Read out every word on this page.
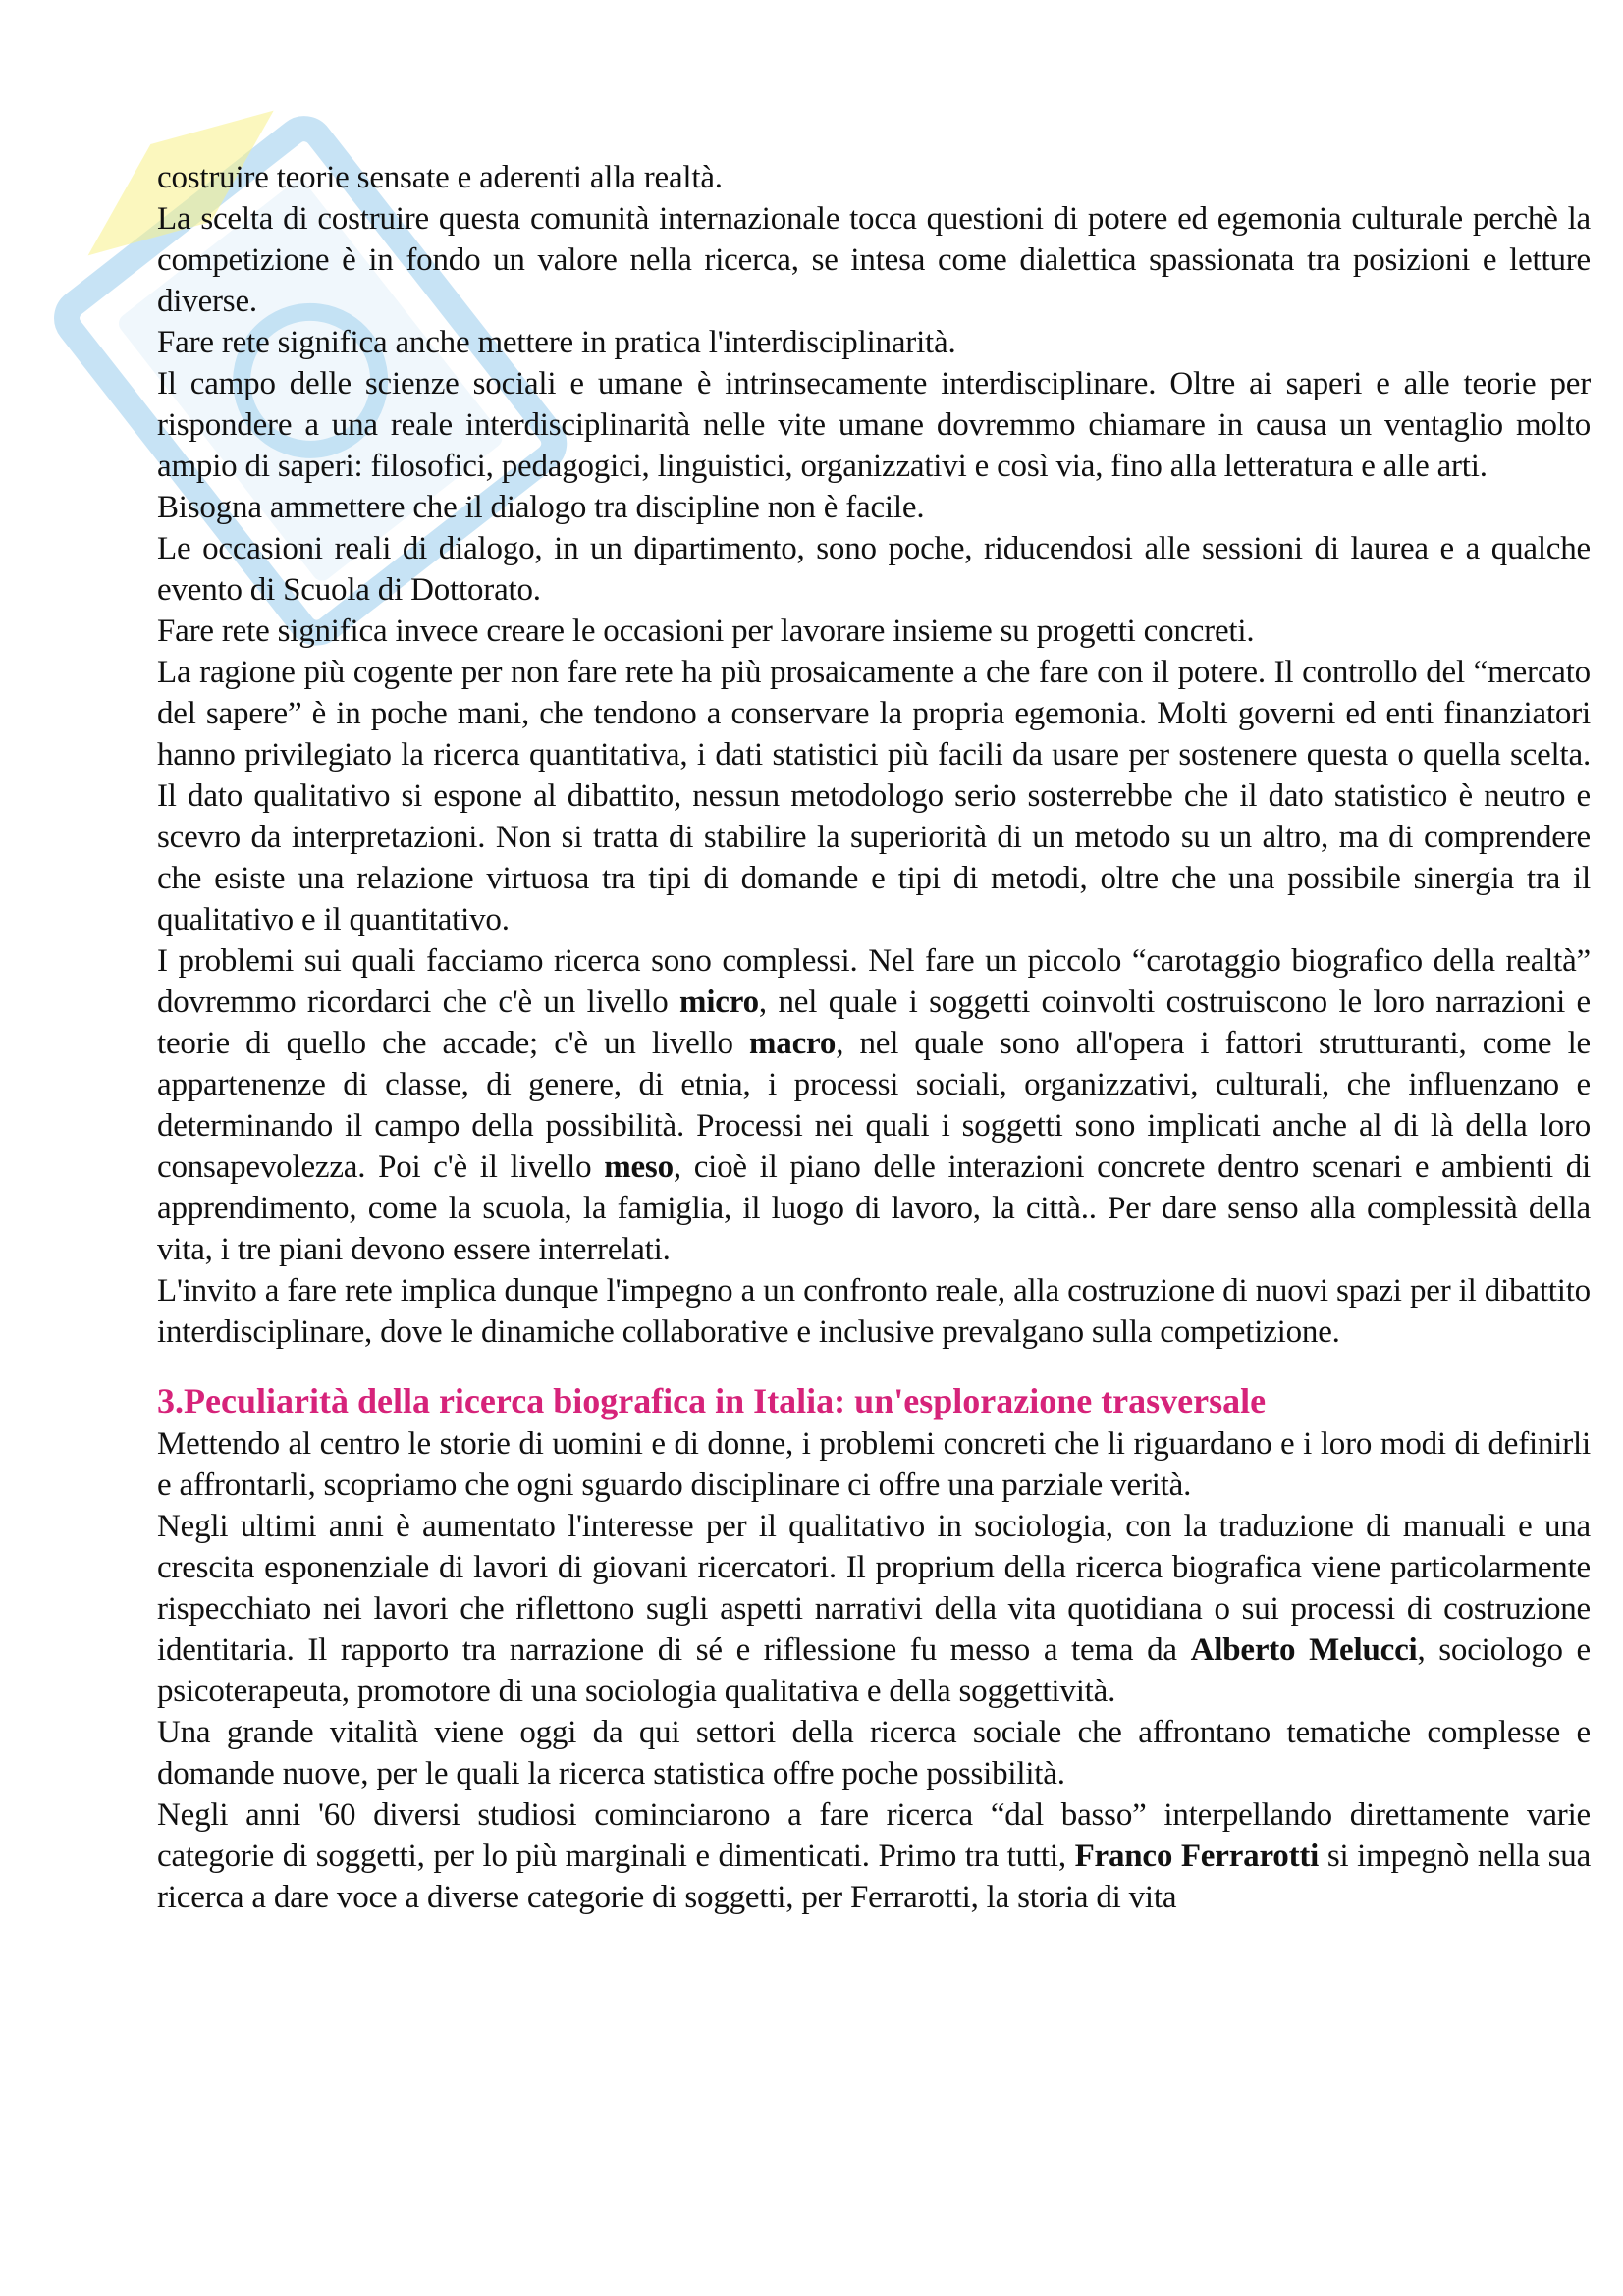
costruire teorie sensate e aderenti alla realtà.

La scelta di costruire questa comunità internazionale tocca questioni di potere ed egemonia culturale perchè la competizione è in fondo un valore nella ricerca, se intesa come dialettica spassionata tra posizioni e letture diverse.

Fare rete significa anche mettere in pratica l'interdisciplinarità.

Il campo delle scienze sociali e umane è intrinsecamente interdisciplinare. Oltre ai saperi e alle teorie per rispondere a una reale interdisciplinarità nelle vite umane dovremmo chiamare in causa un ventaglio molto ampio di saperi: filosofici, pedagogici, linguistici, organizzativi e così via, fino alla letteratura e alle arti.

Bisogna ammettere che il dialogo tra discipline non è facile.

Le occasioni reali di dialogo, in un dipartimento, sono poche, riducendosi alle sessioni di laurea e a qualche evento di Scuola di Dottorato.

Fare rete significa invece creare le occasioni per lavorare insieme su progetti concreti.

La ragione più cogente per non fare rete ha più prosaicamente a che fare con il potere. Il controllo del “mercato del sapere” è in poche mani, che tendono a conservare la propria egemonia. Molti governi ed enti finanziatori hanno privilegiato la ricerca quantitativa, i dati statistici più facili da usare per sostenere questa o quella scelta. Il dato qualitativo si espone al dibattito, nessun metodologo serio sosterrebbe che il dato statistico è neutro e scevro da interpretazioni. Non si tratta di stabilire la superiorità di un metodo su un altro, ma di comprendere che esiste una relazione virtuosa tra tipi di domande e tipi di metodi, oltre che una possibile sinergia tra il qualitativo e il quantitativo.

I problemi sui quali facciamo ricerca sono complessi. Nel fare un piccolo “carotaggio biografico della realtà” dovremmo ricordarci che c'è un livello micro, nel quale i soggetti coinvolti costruiscono le loro narrazioni e teorie di quello che accade; c'è un livello macro, nel quale sono all'opera i fattori strutturanti, come le appartenenze di classe, di genere, di etnia, i processi sociali, organizzativi, culturali, che influenzano e determinando il campo della possibilità. Processi nei quali i soggetti sono implicati anche al di là della loro consapevolezza. Poi c'è il livello meso, cioè il piano delle interazioni concrete dentro scenari e ambienti di apprendimento, come la scuola, la famiglia, il luogo di lavoro, la città.. Per dare senso alla complessità della vita, i tre piani devono essere interrelati.

L'invito a fare rete implica dunque l'impegno a un confronto reale, alla costruzione di nuovi spazi per il dibattito interdisciplinare, dove le dinamiche collaborative e inclusive prevalgano sulla competizione.

3.Peculiarità della ricerca biografica in Italia: un'esplorazione trasversale

Mettendo al centro le storie di uomini e di donne, i problemi concreti che li riguardano e i loro modi di definirli e affrontarli, scopriamo che ogni sguardo disciplinare ci offre una parziale verità.

Negli ultimi anni è aumentato l'interesse per il qualitativo in sociologia, con la traduzione di manuali e una crescita esponenziale di lavori di giovani ricercatori. Il proprium della ricerca biografica viene particolarmente rispecchiato nei lavori che riflettono sugli aspetti narrativi della vita quotidiana o sui processi di costruzione identitaria. Il rapporto tra narrazione di sé e riflessione fu messo a tema da Alberto Melucci, sociologo e psicoterapeuta, promotore di una sociologia qualitativa e della soggettività.

Una grande vitalità viene oggi da qui settori della ricerca sociale che affrontano tematiche complesse e domande nuove, per le quali la ricerca statistica offre poche possibilità.

Negli anni '60 diversi studiosi cominciarono a fare ricerca “dal basso” interpellando direttamente varie categorie di soggetti, per lo più marginali e dimenticati. Primo tra tutti, Franco Ferrarotti si impegnò nella sua ricerca a dare voce a diverse categorie di soggetti, per Ferrarotti, la storia di vita
